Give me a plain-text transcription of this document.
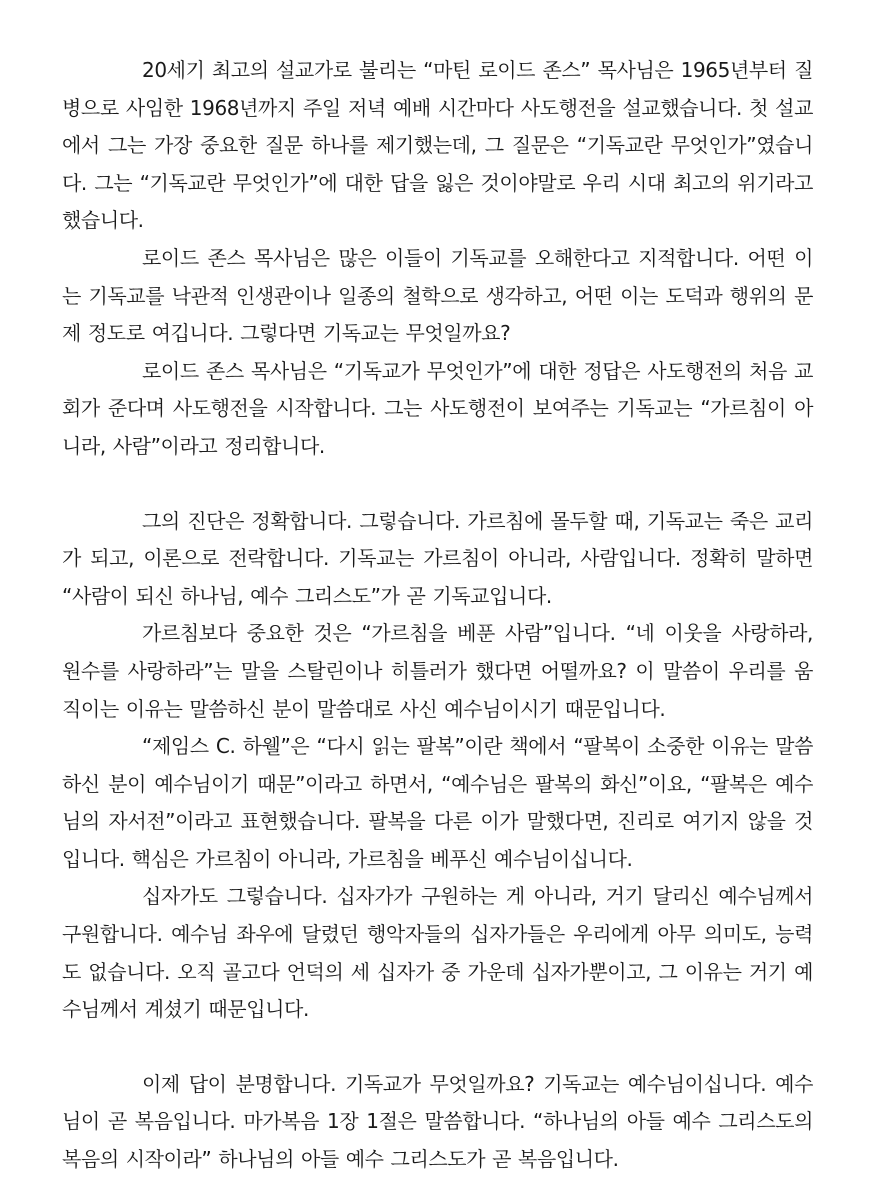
20세기 최고의 설교가로 불리는 “마틴 로이드 존스” 목사님은 1965년부터 질병으로 사임한 1968년까지 주일 저녁 예배 시간마다 사도행전을 설교했습니다. 첫 설교에서 그는 가장 중요한 질문 하나를 제기했는데, 그 질문은 “기독교란 무엇인가”였습니다. 그는 “기독교란 무엇인가”에 대한 답을 잃은 것이야말로 우리 시대 최고의 위기라고 했습니다.

로이드 존스 목사님은 많은 이들이 기독교를 오해한다고 지적합니다. 어떤 이는 기독교를 낙관적 인생관이나 일종의 철학으로 생각하고, 어떤 이는 도덕과 행위의 문제 정도로 여깁니다. 그렇다면 기독교는 무엇일까요?

로이드 존스 목사님은 “기독교가 무엇인가”에 대한 정답은 사도행전의 처음 교회가 준다며 사도행전을 시작합니다. 그는 사도행전이 보여주는 기독교는 “가르침이 아니라, 사람”이라고 정리합니다.

그의 진단은 정확합니다. 그렇습니다. 가르침에 몰두할 때, 기독교는 죽은 교리가 되고, 이론으로 전락합니다. 기독교는 가르침이 아니라, 사람입니다. 정확히 말하면 “사람이 되신 하나님, 예수 그리스도”가 곧 기독교입니다.

가르침보다 중요한 것은 “가르침을 베푼 사람”입니다. “네 이웃을 사랑하라, 원수를 사랑하라”는 말을 스탈린이나 히틀러가 했다면 어떨까요? 이 말씀이 우리를 움직이는 이유는 말씀하신 분이 말씀대로 사신 예수님이시기 때문입니다.

“제임스 C. 하웰”은 “다시 읽는 팔복”이란 책에서 “팔복이 소중한 이유는 말씀하신 분이 예수님이기 때문”이라고 하면서, “예수님은 팔복의 화신”이요, “팔복은 예수님의 자서전”이라고 표현했습니다. 팔복을 다른 이가 말했다면, 진리로 여기지 않을 것입니다. 핵심은 가르침이 아니라, 가르침을 베푸신 예수님이십니다.

십자가도 그렇습니다. 십자가가 구원하는 게 아니라, 거기 달리신 예수님께서 구원합니다. 예수님 좌우에 달렸던 행악자들의 십자가들은 우리에게 아무 의미도, 능력도 없습니다. 오직 골고다 언덕의 세 십자가 중 가운데 십자가뿐이고, 그 이유는 거기 예수님께서 계셨기 때문입니다.

이제 답이 분명합니다. 기독교가 무엇일까요? 기독교는 예수님이십니다. 예수님이 곧 복음입니다. 마가복음 1장 1절은 말씀합니다. “하나님의 아들 예수 그리스도의 복음의 시작이라” 하나님의 아들 예수 그리스도가 곧 복음입니다.
